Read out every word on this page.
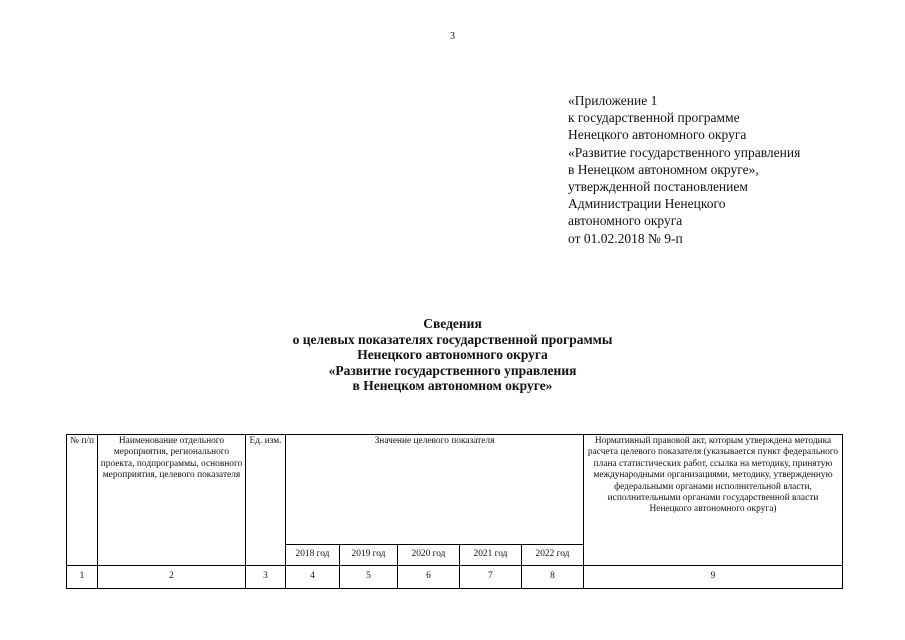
3
«Приложение 1
к государственной программе
Ненецкого автономного округа
«Развитие государственного управления
в Ненецком автономном округе»,
утвержденной постановлением
Администрации Ненецкого
автономного округа
от 01.02.2018 № 9-п
Сведения
о целевых показателях государственной программы
Ненецкого автономного округа
«Развитие государственного управления
в Ненецком автономном округе»
№ п/п	Наименование отдельного мероприятия, регионального проекта, подпрограммы, основного мероприятия, целевого показателя	Ед. изм.	Значение целевого показателя					Нормативный правовой акт, которым утверждена методика расчета целевого показателя (указывается пункт федерального плана статистических работ, ссылка на методику, принятую международными организациями, методику, утвержденную федеральными органами исполнительной власти, исполнительными органами государственной власти Ненецкого автономного округа)
			2018 год	2019 год	2020 год	2021 год	2022 год	
1	2	3	4	5	6	7	8	9
